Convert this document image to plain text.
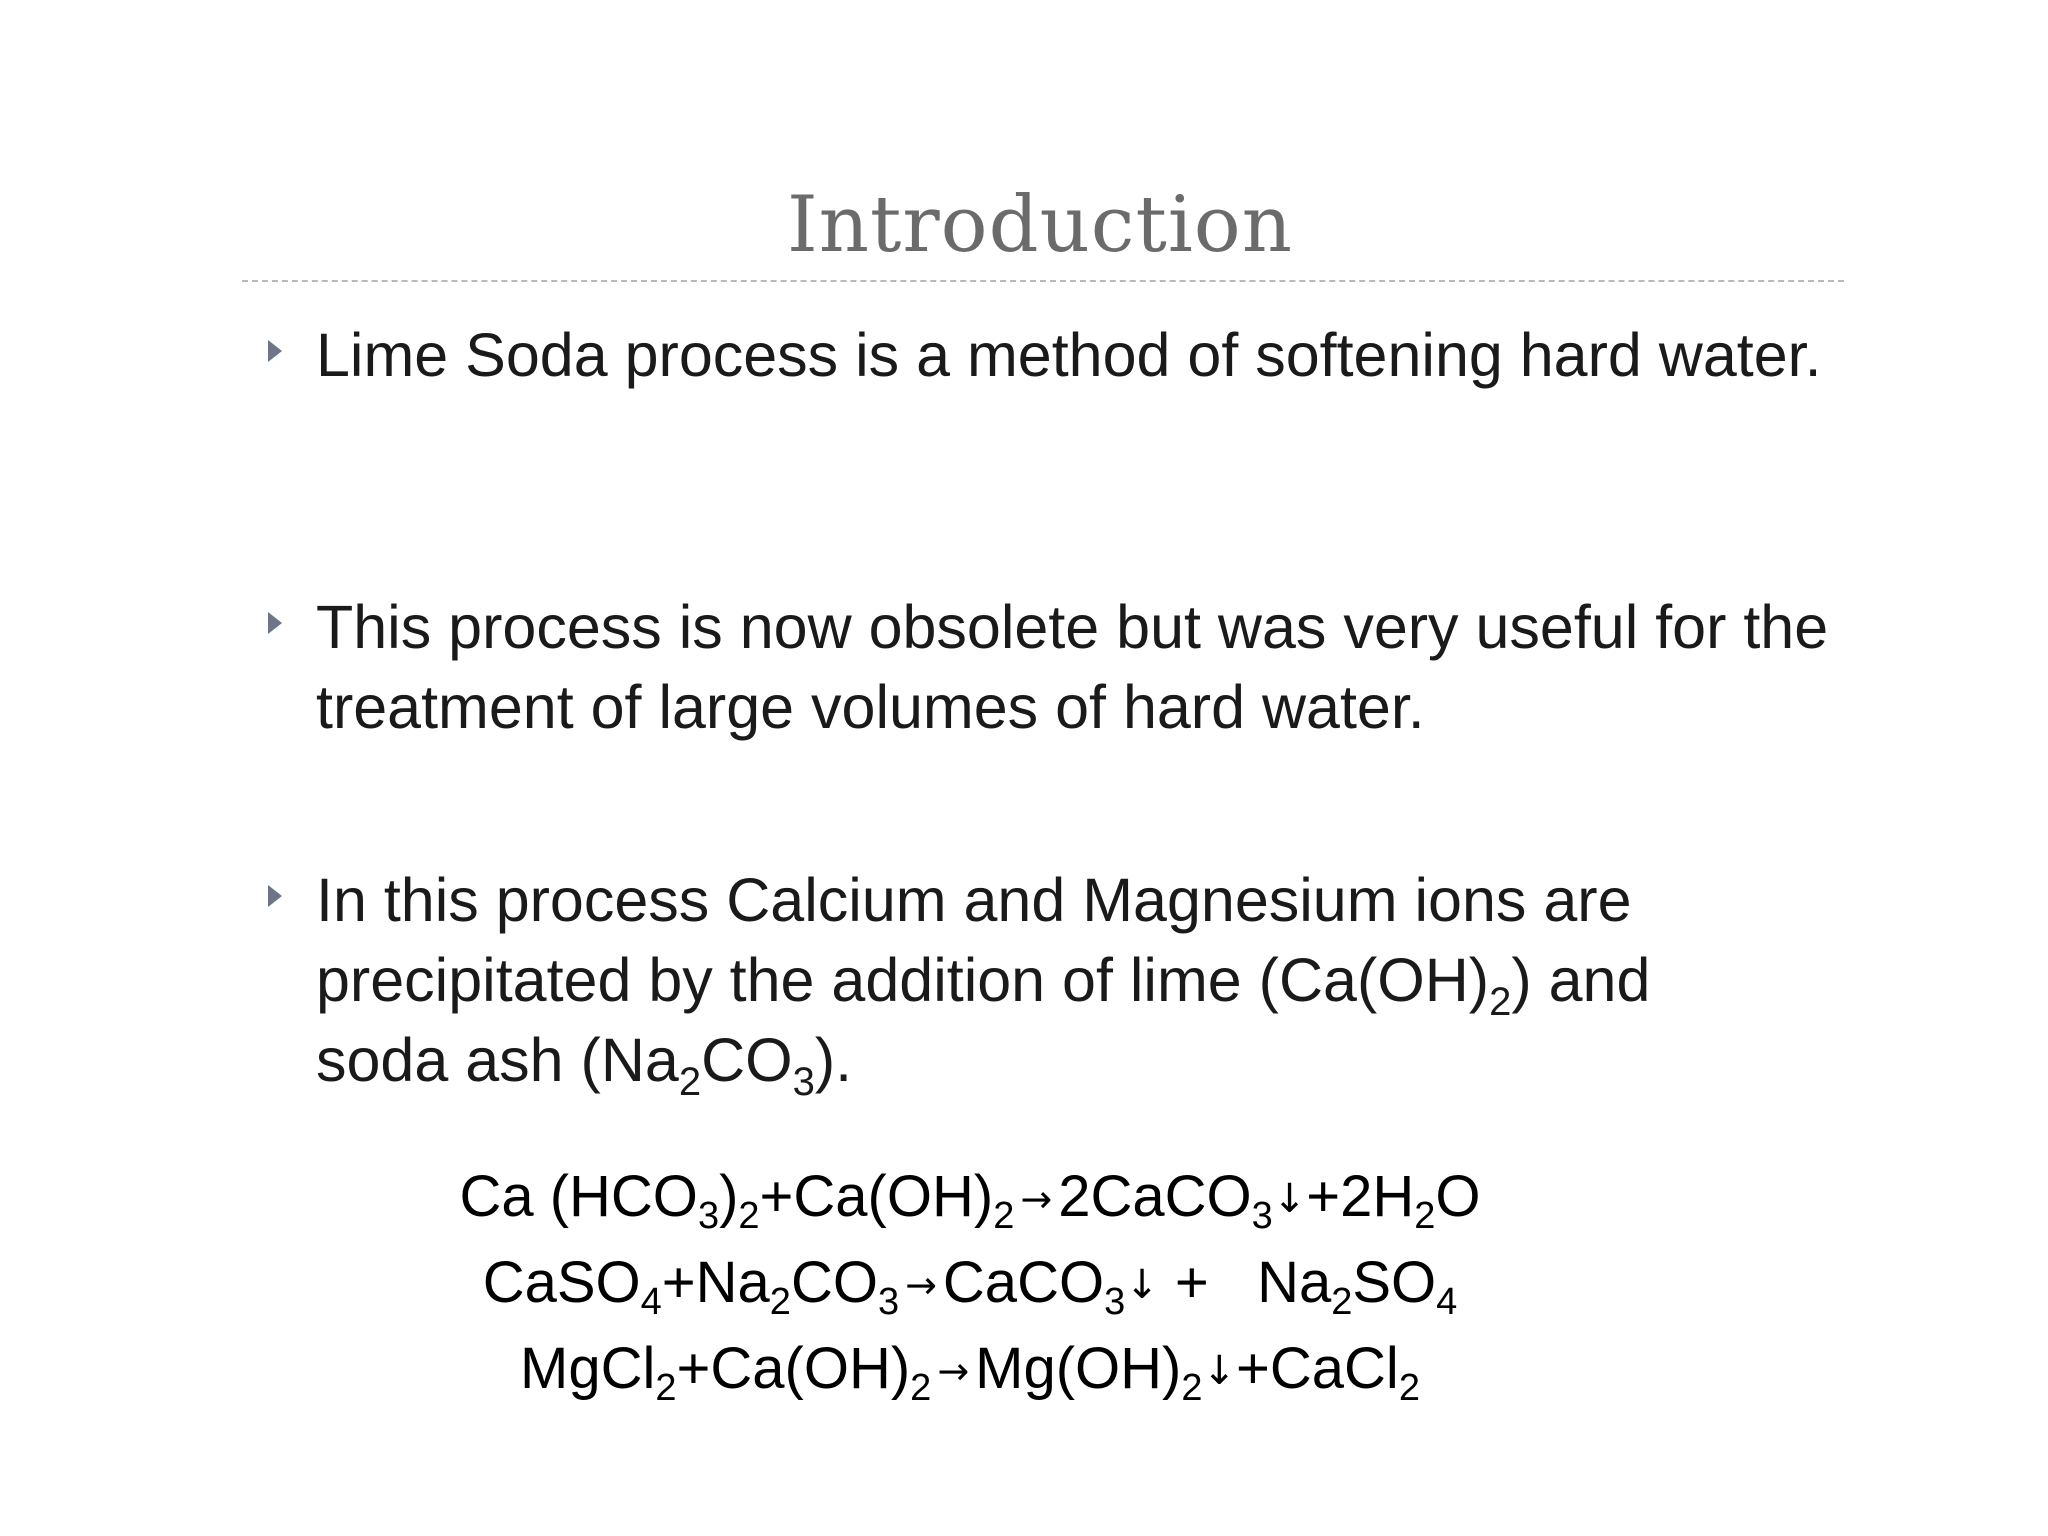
Introduction
Lime Soda process is a method of softening hard water.
This process is now obsolete but was very useful for the treatment of large volumes of hard water.
In this process Calcium and Magnesium ions are
precipitated by the addition of lime $(Ca(OH)_2)$ and
soda ash $(Na_2CO_3)$.
Ca $(HCO_3)_2+Ca(OH)_2$ → $2CaCO_3↓+2H_2O$
$CaSO_4+Na_2CO_3$ → CaCO$_3$↓ +   $Na_2SO_4$
$MgCl_2+Ca(OH)_2$ → $Mg(OH)_2↓+CaCl_2$
